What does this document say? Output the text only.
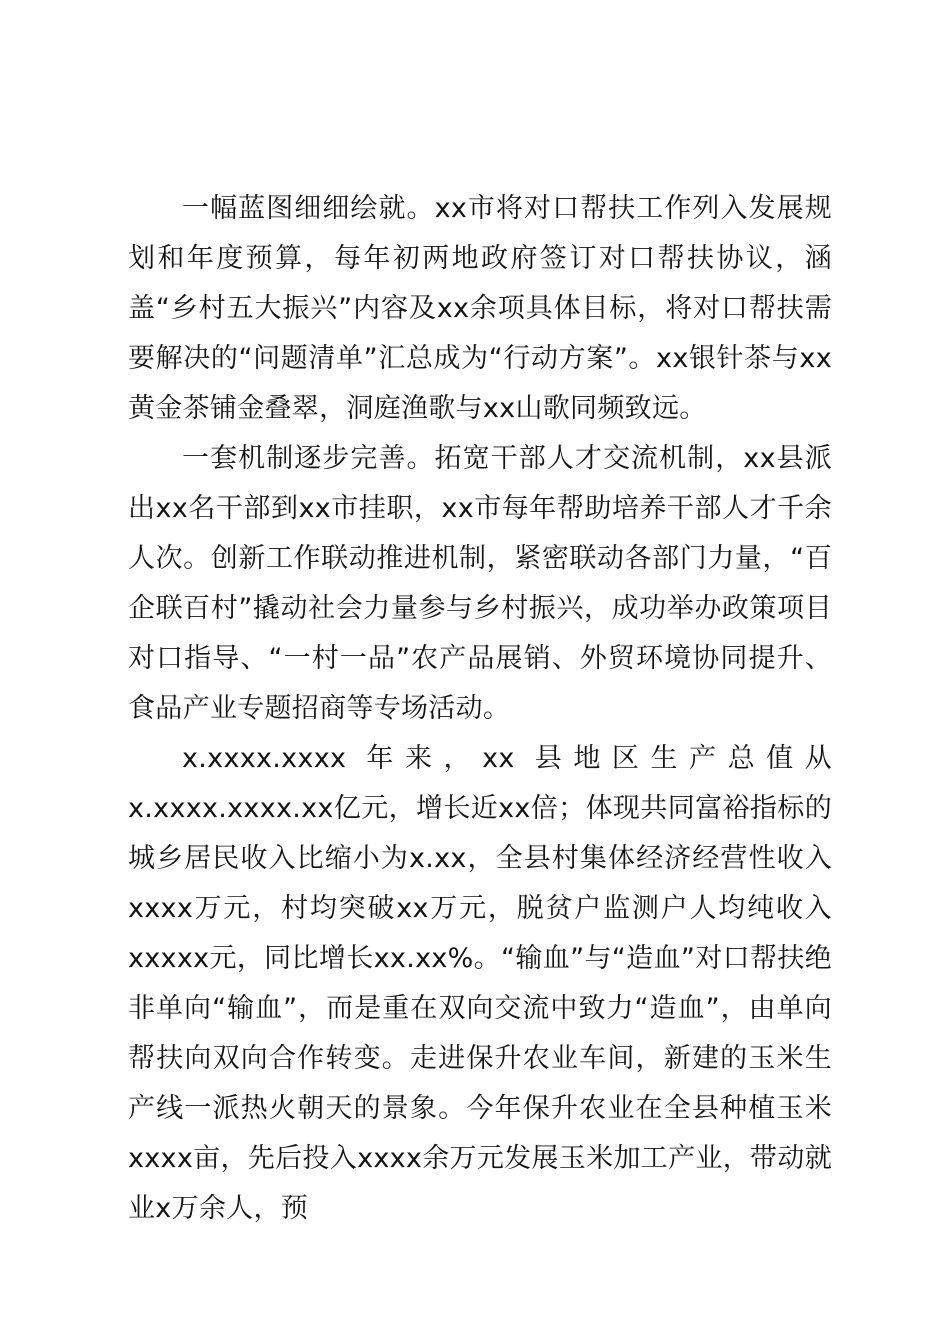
一幅蓝图细细绘就。xx市将对口帮扶工作列入发展规划和年度预算，每年初两地政府签订对口帮扶协议，涵盖“乡村五大振兴”内容及xx余项具体目标，将对口帮扶需要解决的“问题清单”汇总成为“行动方案”。xx银针茶与xx黄金茶铺金叠翠，洞庭渔歌与xx山歌同频致远。

一套机制逐步完善。拓宽干部人才交流机制，xx县派出xx名干部到xx市挂职，xx市每年帮助培养干部人才千余人次。创新工作联动推进机制，紧密联动各部门力量，“百企联百村”撬动社会力量参与乡村振兴，成功举办政策项目对口指导、“一村一品”农产品展销、外贸环境协同提升、食品产业专题招商等专场活动。

x.xxxx.xxxx 年来，xx 县地区生产总值从 x.xxxx.xxxx.xx亿元，增长近xx倍；体现共同富裕指标的城乡居民收入比缩小为x.xx，全县村集体经济经营性收入xxxx万元，村均突破xx万元，脱贫户监测户人均纯收入xxxxx元，同比增长xx.xx%。“输血”与“造血”对口帮扶绝非单向“输血”，而是重在双向交流中致力“造血”，由单向帮扶向双向合作转变。走进保升农业车间，新建的玉米生产线一派热火朝天的景象。今年保升农业在全县种植玉米xxxx亩，先后投入xxxx余万元发展玉米加工产业，带动就业x万余人，预
